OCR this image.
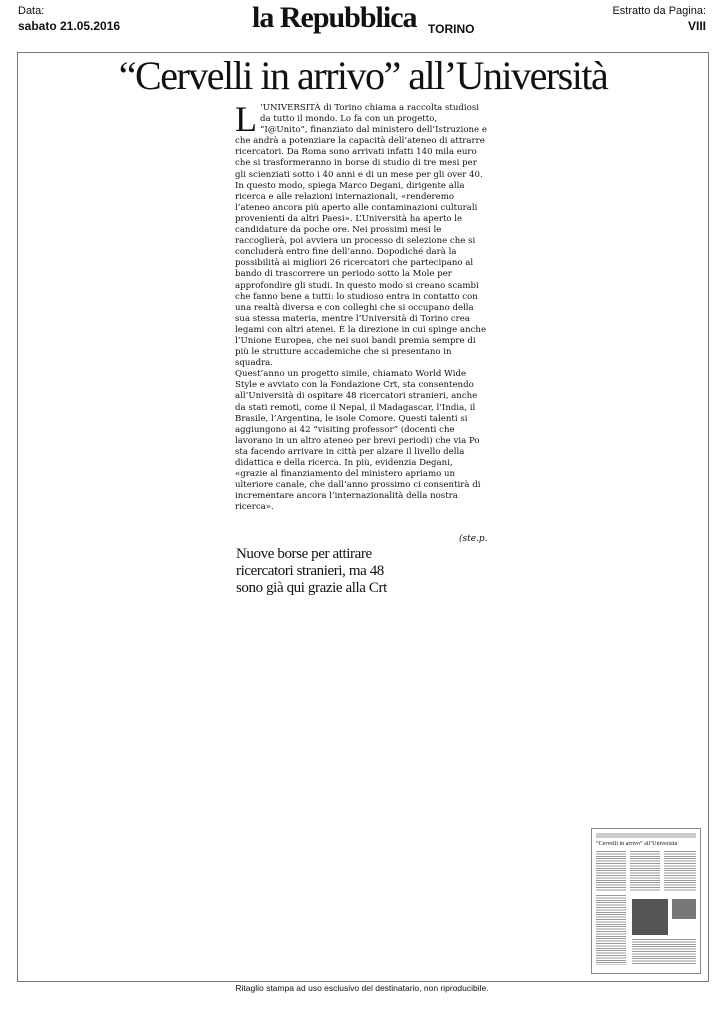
Data:
sabato 21.05.2016	la Repubblica TORINO
Estratto da Pagina:
VIII
“Cervelli in arrivo” all’Università
L ’UNIVERSITÀ di Torino chiama a raccolta studiosi da tutto il mondo. Lo fa con un progetto, “I@Unito”, finanziato dal ministero dell’Istruzione e che andrà a potenziare la capacità dell’ateneo di attrarre ricercatori. Da Roma sono arrivati infatti 140 mila euro che si trasformeranno in borse di studio di tre mesi per gli scienziati sotto i 40 anni e di un mese per gli over 40. In questo modo, spiega Marco Degani, dirigente alla ricerca e alle relazioni internazionali, «renderemo l’ateneo ancora più aperto alle contaminazioni culturali provenienti da altri Paesi». L’Università ha aperto le candidature da poche ore. Nei prossimi mesi le raccoglierà, poi avviera un processo di selezione che si concluderà entro fine dell’anno. Dopodiché darà la possibilità ai migliori 26 ricercatori che partecipano al bando di trascorrere un periodo sotto la Mole per approfondire gli studi. In questo modo si creano scambi che fanno bene a tutti: lo studioso entra in contatto con una realtà diversa e con colleghi che si occupano della sua stessa materia, mentre l’Università di Torino crea legami con altri atenei. È la direzione in cui spinge anche l’Unione Europea, che nei suoi bandi premia sempre di più le strutture accademiche che si presentano in squadra.

Quest’anno un progetto simile, chiamato World Wide Style e avviato con la Fondazione Crt, sta consentendo all’Università di ospitare 48 ricercatori stranieri, anche da stati remoti, come il Nepal, il Madagascar, l’India, il Brasile, l’Argentina, le isole Comore. Questi talenti si aggiungono ai 42 “visiting professor” (docenti che lavorano in un altro ateneo per brevi periodi) che via Po sta facendo arrivare in città per alzare il livello della didattica e della ricerca. In più, evidenzia Degani, «grazie al finanziamento del ministero apriamo un ulteriore canale, che dall’anno prossimo ci consentirà di incrementare ancora l’internazionalità della nostra ricerca».

(ste.p.
Nuove borse per attirare ricercatori stranieri, ma 48 sono già qui grazie alla Crt
“Cervelli in arrivo” all’Università
Ritaglio stampa ad uso esclusivo del destinatario, non riproducibile.
